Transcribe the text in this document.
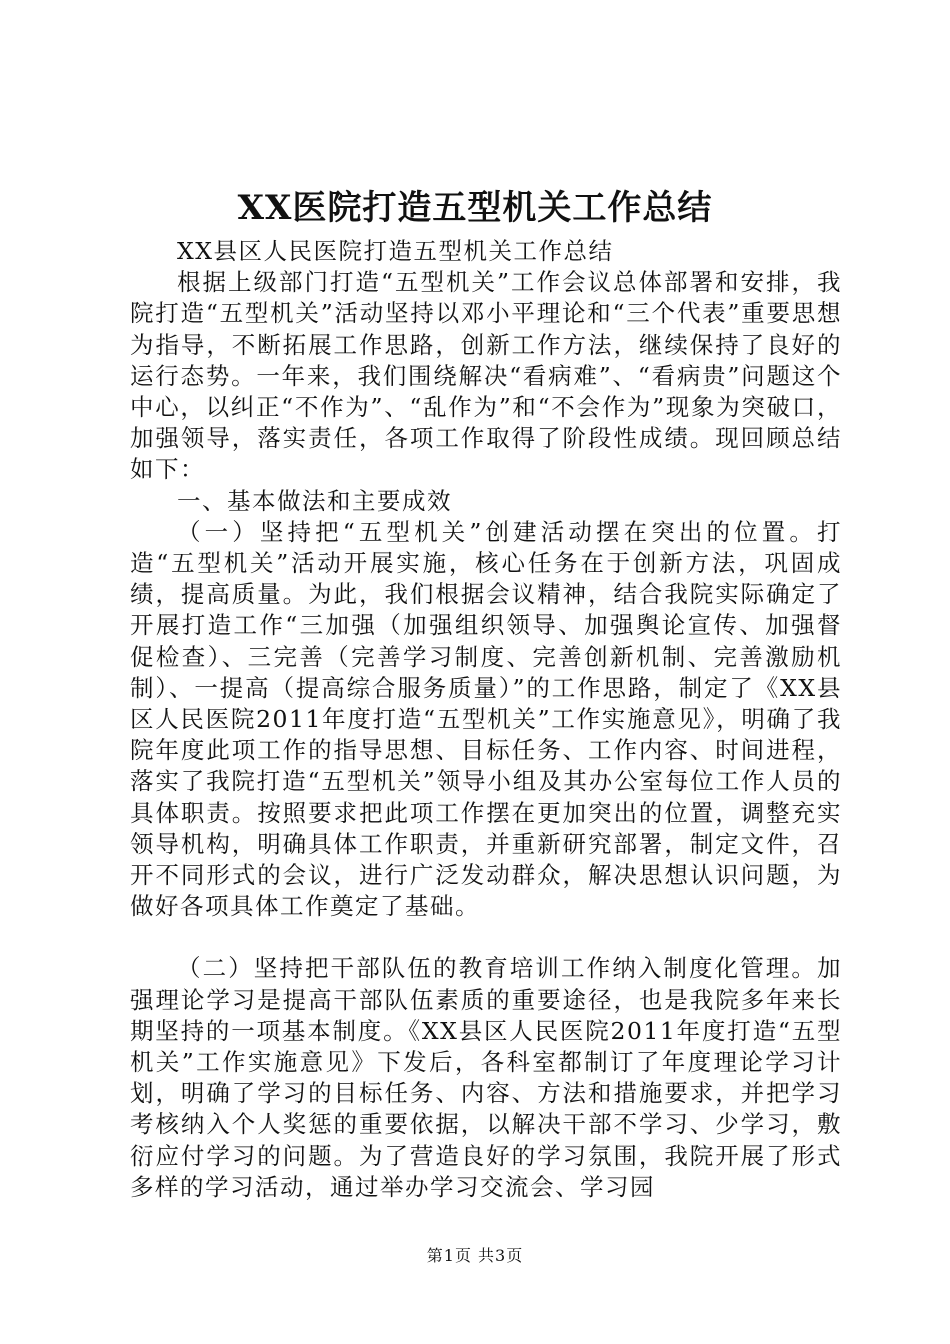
XX医院打造五型机关工作总结

XX县区人民医院打造五型机关工作总结

根据上级部门打造“五型机关”工作会议总体部署和安排，我院打造“五型机关”活动坚持以邓小平理论和“三个代表”重要思想为指导，不断拓展工作思路，创新工作方法，继续保持了良好的运行态势。一年来，我们围绕解决“看病难”、“看病贵”问题这个中心，以纠正“不作为”、“乱作为”和“不会作为”现象为突破口，加强领导，落实责任，各项工作取得了阶段性成绩。现回顾总结如下：

一、基本做法和主要成效

（一）坚持把“五型机关”创建活动摆在突出的位置。打造“五型机关”活动开展实施，核心任务在于创新方法，巩固成绩，提高质量。为此，我们根据会议精神，结合我院实际确定了开展打造工作“三加强（加强组织领导、加强舆论宣传、加强督促检查）、三完善（完善学习制度、完善创新机制、完善激励机制）、一提高（提高综合服务质量）”的工作思路，制定了《XX县区人民医院2011年度打造“五型机关”工作实施意见》，明确了我院年度此项工作的指导思想、目标任务、工作内容、时间进程，落实了我院打造“五型机关”领导小组及其办公室每位工作人员的具体职责。按照要求把此项工作摆在更加突出的位置，调整充实领导机构，明确具体工作职责，并重新研究部署，制定文件，召开不同形式的会议，进行广泛发动群众，解决思想认识问题，为做好各项具体工作奠定了基础。

（二）坚持把干部队伍的教育培训工作纳入制度化管理。加强理论学习是提高干部队伍素质的重要途径，也是我院多年来长期坚持的一项基本制度。《XX县区人民医院2011年度打造“五型机关”工作实施意见》下发后，各科室都制订了年度理论学习计划，明确了学习的目标任务、内容、方法和措施要求，并把学习考核纳入个人奖惩的重要依据，以解决干部不学习、少学习，敷衍应付学习的问题。为了营造良好的学习氛围，我院开展了形式多样的学习活动，通过举办学习交流会、学习园

第1页 共3页
